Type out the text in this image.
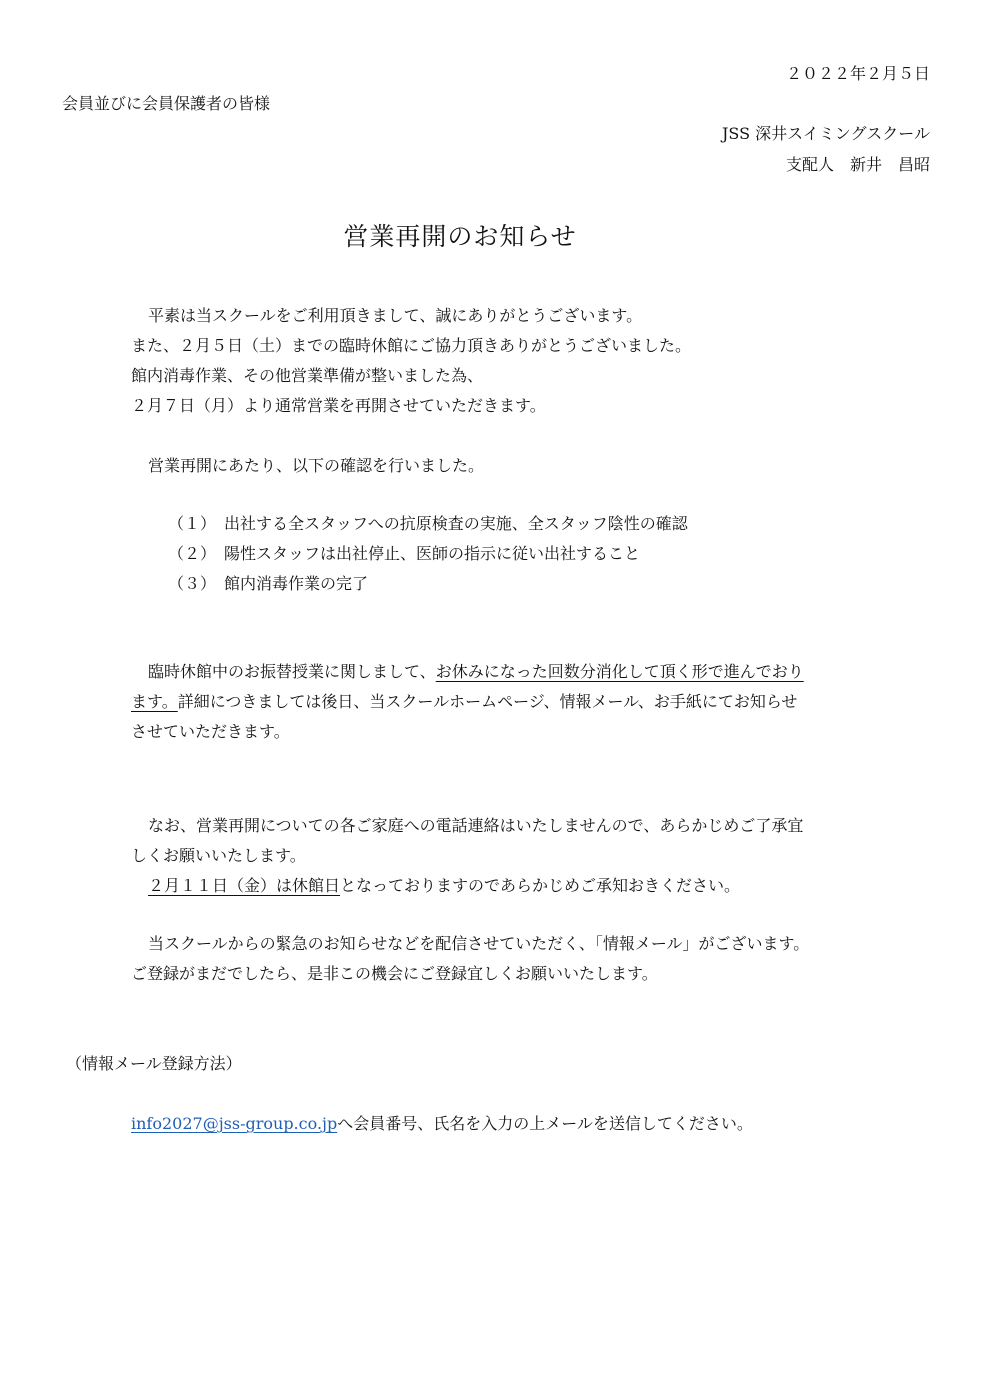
２０２２年２月５日
会員並びに会員保護者の皆様
JSS 深井スイミングスクール
支配人　新井　昌昭
営業再開のお知らせ
平素は当スクールをご利用頂きまして、誠にありがとうございます。
また、２月５日（土）までの臨時休館にご協力頂きありがとうございました。
館内消毒作業、その他営業準備が整いました為、
２月７日（月）より通常営業を再開させていただきます。
営業再開にあたり、以下の確認を行いました。
（１） 出社する全スタッフへの抗原検査の実施、全スタッフ陰性の確認
（２） 陽性スタッフは出社停止、医師の指示に従い出社すること
（３） 館内消毒作業の完了
臨時休館中のお振替授業に関しまして、お休みになった回数分消化して頂く形で進んでおり
ます。詳細につきましては後日、当スクールホームページ、情報メール、お手紙にてお知らせ
させていただきます。
なお、営業再開についての各ご家庭への電話連絡はいたしませんので、あらかじめご了承宜
しくお願いいたします。
２月１１日（金）は休館日となっておりますのであらかじめご承知おきください。
当スクールからの緊急のお知らせなどを配信させていただく、「情報メール」がございます。
ご登録がまだでしたら、是非この機会にご登録宜しくお願いいたします。
（情報メール登録方法）
info2027@jss-group.co.jpへ会員番号、氏名を入力の上メールを送信してください。
